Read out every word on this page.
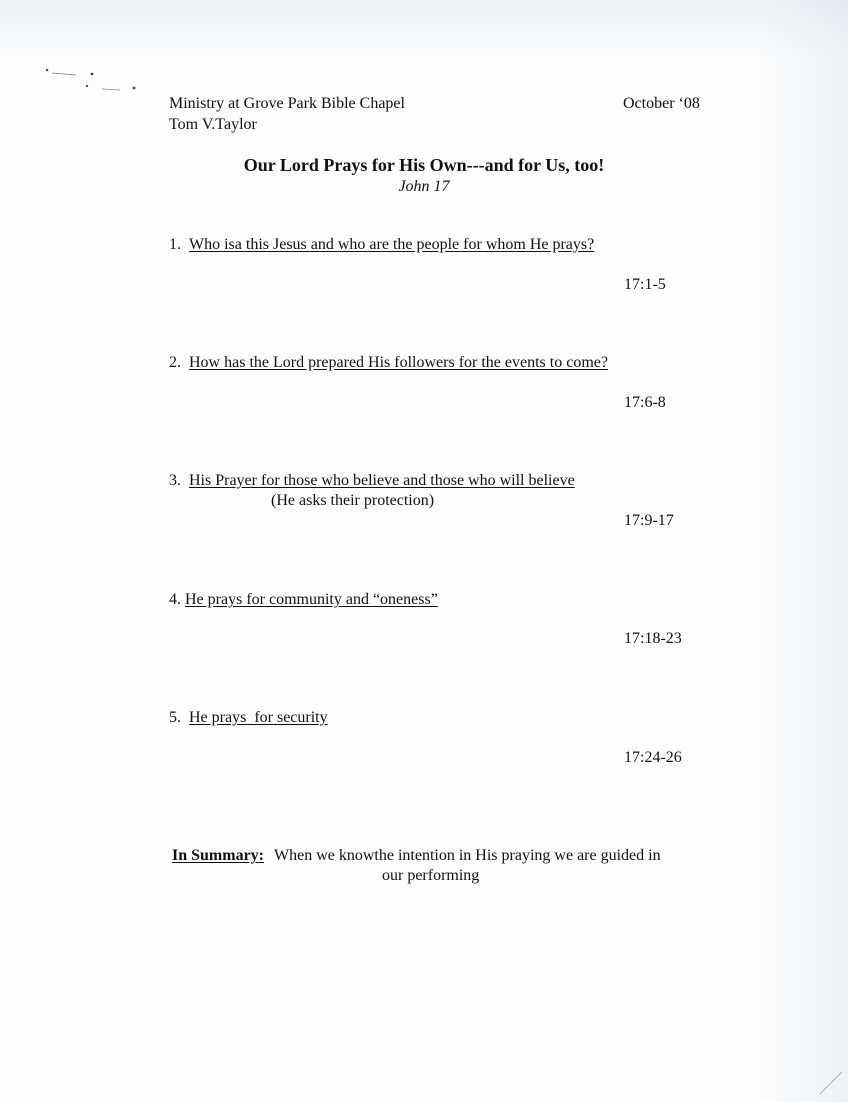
Ministry at Grove Park Bible Chapel
Tom V.Taylor
October ‘08
Our Lord Prays for His Own---and for Us, too!
John 17
1. Who isa this Jesus and who are the people for whom He prays?
17:1-5
2. How has the Lord prepared His followers for the events to come?
17:6-8
3. His Prayer for those who believe and those who will believe
(He asks their protection)
17:9-17
4. He prays for community and “oneness”
17:18-23
5. He prays  for security
17:24-26
In Summary: When we knowthe intention in His praying we are guided in
our performing
